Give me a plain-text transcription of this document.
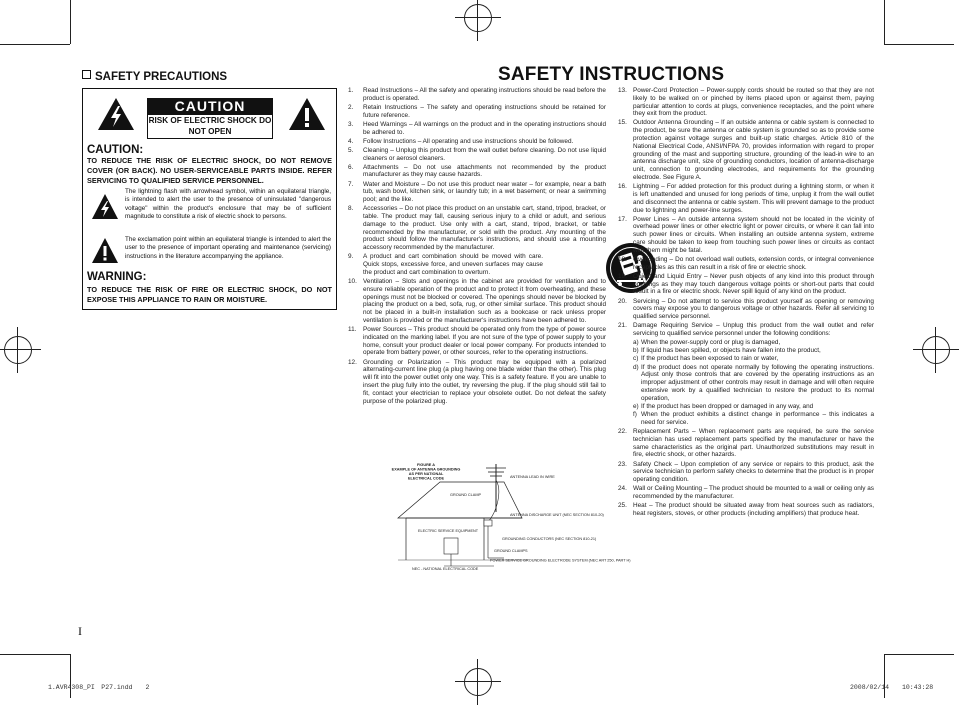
SAFETY PRECAUTIONS	SAFETY INSTRUCTIONS
CAUTION
RISK OF ELECTRIC SHOCK DO NOT OPEN
CAUTION:
TO REDUCE THE RISK OF ELECTRIC SHOCK, DO NOT REMOVE COVER (OR BACK). NO USER-SERVICEABLE PARTS INSIDE. REFER SERVICING TO QUALIFIED SERVICE PERSONNEL.
The lightning flash with arrowhead symbol, within an equilateral triangle, is intended to alert the user to the presence of uninsulated "dangerous voltage" within the product's enclosure that may be of sufficient magnitude to constitute a risk of electric shock to persons.
The exclamation point within an equilateral triangle is intended to alert the user to the presence of important operating and maintenance (servicing) instructions in the literature accompanying the appliance.
WARNING:
TO REDUCE THE RISK OF FIRE OR ELECTRIC SHOCK, DO NOT EXPOSE THIS APPLIANCE TO RAIN OR MOISTURE.
1. Read Instructions – All the safety and operating instructions should be read before the product is operated.
2. Retain Instructions – The safety and operating instructions should be retained for future reference.
3. Heed Warnings – All warnings on the product and in the operating instructions should be adhered to.
4. Follow Instructions – All operating and use instructions should be followed.
5. Cleaning – Unplug this product from the wall outlet before cleaning. Do not use liquid cleaners or aerosol cleaners.
6. Attachments – Do not use attachments not recommended by the product manufacturer as they may cause hazards.
7. Water and Moisture – Do not use this product near water – for example, near a bath tub, wash bowl, kitchen sink, or laundry tub; in a wet basement; or near a swimming pool; and the like.
8. Accessories – Do not place this product on an unstable cart, stand, tripod, bracket, or table. The product may fall, causing serious injury to a child or adult, and serious damage to the product. Use only with a cart, stand, tripod, bracket, or table recommended by the manufacturer, or sold with the product. Any mounting of the product should follow the manufacturer's instructions, and should use a mounting accessory recommended by the manufacturer.
9. A product and cart combination should be moved with care. Quick stops, excessive force, and uneven surfaces may cause the product and cart combination to overturn.
10. Ventilation – Slots and openings in the cabinet are provided for ventilation and to ensure reliable operation of the product and to protect it from overheating, and these openings must not be blocked or covered. The openings should never be blocked by placing the product on a bed, sofa, rug, or other similar surface. This product should not be placed in a built-in installation such as a bookcase or rack unless proper ventilation is provided or the manufacturer's instructions have been adhered to.
11. Power Sources – This product should be operated only from the type of power source indicated on the marking label. If you are not sure of the type of power supply to your home, consult your product dealer or local power company. For products intended to operate from battery power, or other sources, refer to the operating instructions.
12. Grounding or Polarization – This product may be equipped with a polarized alternating-current line plug (a plug having one blade wider than the other). This plug will fit into the power outlet only one way. This is a safety feature. If you are unable to insert the plug fully into the outlet, try reversing the plug. If the plug should still fail to fit, contact your electrician to replace your obsolete outlet. Do not defeat the safety purpose of the polarized plug.
FIGURE A
EXAMPLE OF ANTENNA GROUNDING
AS PER NATIONAL
ELECTRICAL CODE	ANTENNA LEAD IN WIRE
GROUND CLAMP
ANTENNA DISCHARGE UNIT (NEC SECTION 810-20)
ELECTRIC SERVICE EQUIPMENT
GROUNDING CONDUCTORS (NEC SECTION 810-21)
GROUND CLAMPS
POWER SERVICE GROUNDING ELECTRODE SYSTEM (NEC ART 250, PART H)
NEC - NATIONAL ELECTRICAL CODE
13. Power-Cord Protection – Power-supply cords should be routed so that they are not likely to be walked on or pinched by items placed upon or against them, paying particular attention to cords at plugs, convenience receptacles, and the point where they exit from the product.
15. Outdoor Antenna Grounding – If an outside antenna or cable system is connected to the product, be sure the antenna or cable system is grounded so as to provide some protection against voltage surges and built-up static charges. Article 810 of the National Electrical Code, ANSI/NFPA 70, provides information with regard to proper grounding of the mast and supporting structure, grounding of the lead-in wire to an antenna discharge unit, size of grounding conductors, location of antenna-discharge unit, connection to grounding electrodes, and requirements for the grounding electrode. See Figure A.
16. Lightning – For added protection for this product during a lightning storm, or when it is left unattended and unused for long periods of time, unplug it from the wall outlet and disconnect the antenna or cable system. This will prevent damage to the product due to lightning and power-line surges.
17. Power Lines – An outside antenna system should not be located in the vicinity of overhead power lines or other electric light or power circuits, or where it can fall into such power lines or circuits. When installing an outside antenna system, extreme care should be taken to keep from touching such power lines or circuits as contact with them might be fatal.
18. Overloading – Do not overload wall outlets, extension cords, or integral convenience receptacles as this can result in a risk of fire or electric shock.
19. Object and Liquid Entry – Never push objects of any kind into this product through openings as they may touch dangerous voltage points or short-out parts that could result in a fire or electric shock. Never spill liquid of any kind on the product.
20. Servicing – Do not attempt to service this product yourself as opening or removing covers may expose you to dangerous voltage or other hazards. Refer all servicing to qualified service personnel.
21. Damage Requiring Service – Unplug this product from the wall outlet and refer servicing to qualified service personnel under the following conditions:
a) When the power-supply cord or plug is damaged,
b) If liquid has been spilled, or objects have fallen into the product,
c) If the product has been exposed to rain or water,
d) If the product does not operate normally by following the operating instructions. Adjust only those controls that are covered by the operating instructions as an improper adjustment of other controls may result in damage and will often require extensive work by a qualified technician to restore the product to its normal operation,
e) If the product has been dropped or damaged in any way, and
f) When the product exhibits a distinct change in performance – this indicates a need for service.
22. Replacement Parts – When replacement parts are required, be sure the service technician has used replacement parts specified by the manufacturer or have the same characteristics as the original part. Unauthorized substitutions may result in fire, electric shock, or other hazards.
23. Safety Check – Upon completion of any service or repairs to this product, ask the service technician to perform safety checks to determine that the product is in proper operating condition.
24. Wall or Ceiling Mounting – The product should be mounted to a wall or ceiling only as recommended by the manufacturer.
25. Heat – The product should be situated away from heat sources such as radiators, heat registers, stoves, or other products (including amplifiers) that produce heat.
I
1.AVR4308_PI　P27.indd　　2	2008/02/14　　10:43:28
